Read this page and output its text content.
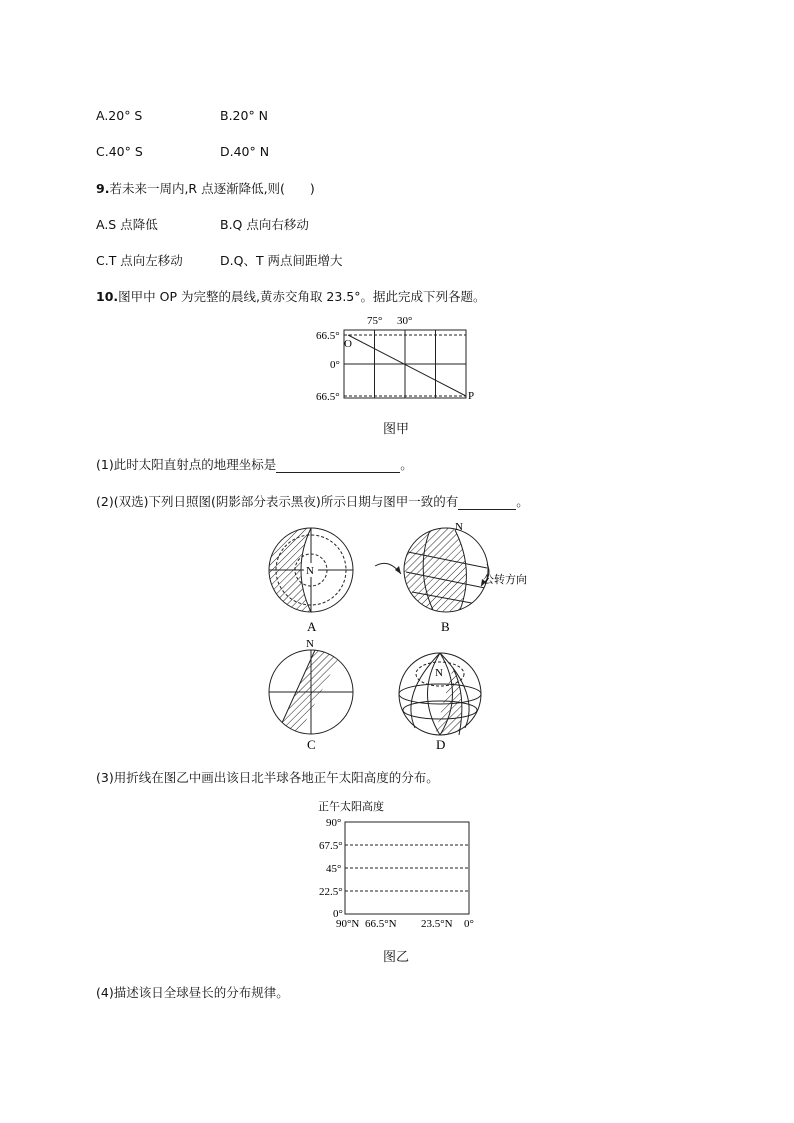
A.20° S	B.20° N
C.40° S	D.40° N
9.若未来一周内,R 点逐渐降低,则(　　)
A.S 点降低	B.Q 点向右移动
C.T 点向左移动	D.Q、T 两点间距增大
10.图甲中 OP 为完整的晨线,黄赤交角取 23.5°。据此完成下列各题。
75° 30°
66.5°
0°
66.5°
O
P
图甲
(1)此时太阳直射点的地理坐标是	。
(2)(双选)下列日照图(阴影部分表示黑夜)所示日期与图甲一致的有	。
N
A
N
公转方向
B
N
C
N
D
(3)用折线在图乙中画出该日北半球各地正午太阳高度的分布。
正午太阳高度
90°
67.5°
45°
22.5°
0°
90°N 66.5°N 23.5°N 0°
图乙
(4)描述该日全球昼长的分布规律。
